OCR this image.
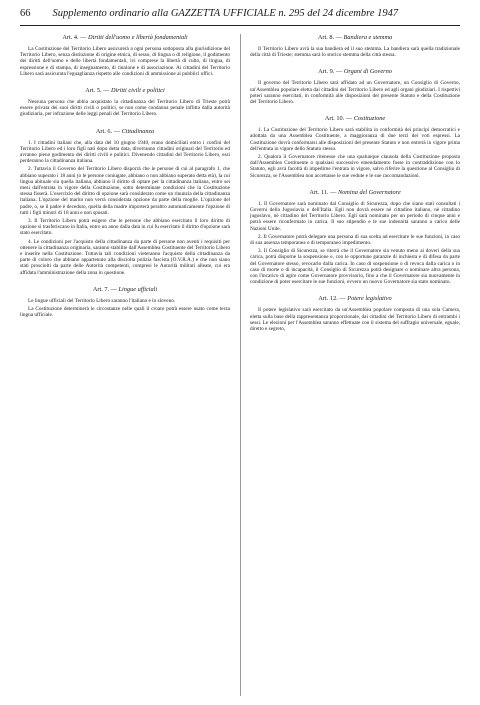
66 Supplemento ordinario alla GAZZETTA UFFICIALE n. 295 del 24 dicembre 1947
Art. 4. — Diritti dell'uomo e libertà fondamentali

La Costituzione del Territorio Libero assicurerà a ogni persona sottoposta alla giurisdizione del Territorio Libero, senza distinzione di origine etnica, di sesso, di lingua o di religione, il godimento dei diritti dell'uomo e delle libertà fondamentali, ivi comprese la libertà di culto, di lingua, di espressione e di stampa, di insegnamento, di riunione e di associazione. Ai cittadini del Territorio Libero sarà assicurata l'eguaglianza rispetto alle condizioni di ammissione ai pubblici uffici.

Art. 5. — Diritti civili e politici

Nessuna persona che abbia acquistato la cittadinanza del Territorio Libero di Trieste potrà essere privata dei suoi diritti civili o politici, se non come condanna penale inflitta dalla autorità giudiziaria, per infrazione delle leggi penali del Territorio Libero.

Art. 6. — Cittadinanza

1. I cittadini italiani che, alla data del 10 giugno 1940, erano domiciliati entro i confini del Territorio Libero ed i loro figli nati dopo detta data, diverranno cittadini originari del Territorio ed avranno pieno godimento dei diritti civili e politici. Divenendo cittadini del Territorio Libero, essi perderanno la cittadinanza italiana.

2. Tuttavia il Governo del Territorio Libero disporrà che le persone di cui al paragrafo 1, che abbiano superato i 18 anni (o le persone coniugate, abbiano o non abbiano superato detta età), la cui lingua abituale sia quella italiana, abbiano il diritto di optare per la cittadinanza italiana, entro sei mesi dall'entrata in vigore della Costituzione, sotto determinate condizioni che la Costituzione stessa fisserà. L'esercizio del diritto di opzione sarà considerato come un rinunzia della cittadinanza italiana. L'opzione del marito non verrà considerata opzione da parte della moglie. L'opzione del padre, o, se il padre è deceduto, quella della madre importerà peraltro automaticamente l'opzione di tutti i figli minori di 18 anni e non sposati.

3. Il Territorio Libero potrà esigere che le persone che abbiano esercitato il loro diritto di opzione si trasferiscano in Italia, entro un anno dalla data in cui fu esercitato il diritto d'opzione sarà stato esercitato.

4. Le condizioni per l'acquisto della cittadinanza da parte di persone non aventi i requisiti per ottenere la cittadinanza originaria, saranno stabilite dall'Assemblea Costituente del Territorio Libero e inserite nella Costituzione. Tuttavia tali condizioni vieteranno l'acquisto della cittadinanza da parte di coloro che abbiano appartenuto alla disciolta polizia fascista (O.V.R.A.) e che non siano stati prosciolti da parte delle Autorità competenti, compresi le Autorità militari alleate, cui era affidata l'amministrazione della zona in questione.

Art. 7. — Lingue ufficiali

Le lingue ufficiali del Territorio Libero saranno l'italiano e lo sloveno.

La Costituzione determinerà le circostanze nelle quali il croato potrà essere usato come terza lingua ufficiale.

Art. 8. — Bandiera e stemma

Il Territorio Libero avrà la sua bandiera ed il suo stemma. La bandiera sarà quella tradizionale della città di Trieste; stemma sarà lo storico stemma della città stessa.

Art. 9. — Organi di Governo

Il governo del Territorio Libero sarà affidato ad un Governatore, un Consiglio di Governo, un'Assemblea popolare eletta dai cittadini del Territorio Libero ed agli organi giudiziari. I rispettivi poteri saranno esercitati, in conformità alle disposizioni del presente Statuto e della Costituzione del Territorio Libero.

Art. 10. — Costituzione

1. La Costituzione del Territorio Libero sarà stabilita in conformità dei principi democratici e adottata da una Assemblea Costituente, a maggioranza di due terzi dei voti espressi. La Costituzione dovrà conformarsi alle disposizioni del presente Statuto e non entrerà in vigore prima dell'entrata in vigore dello Statuto stesso.

2. Qualora il Governatore ritenesse che una qualunque clausola della Costituzione proposta dall'Assemblea Costituente o qualsiasi successivo emendamento fosse in contraddizione con lo Statuto, egli avrà facoltà di impedirne l'entrata in vigore, salvo riferire la questione al Consiglio di Sicurezza, se l'Assemblea non accettasse le sue vedute e le sue raccomandazioni.

Art. 11. — Nomina del Governatore

1. Il Governatore sarà nominato dal Consiglio di Sicurezza, dopo che siano stati consultati i Governi della Jugoslavia e dell'Italia. Egli non dovrà essere nè cittadino italiano, nè cittadino jugoslavo, nè cittadino del Territorio Libero. Egli sarà nominato per un periodo di cinque anni e potrà essere riconfermato in carica. Il suo stipendio e le sue indennità saranno a carico delle Nazioni Unite.

2. Il Governatore potrà delegare una persona di sua scelta ad esercitare le sue funzioni, in caso di sua assenza temporanea o di temporaneo impedimento.

3. Il Consiglio di Sicurezza, se riterrà che il Governatore sia venuto meno ai doveri della sua carica, potrà disporne la sospensione e, con le opportune garanzie di inchiesta e di difesa da parte del Governatore stesso, revocarlo dalla carica. In caso di sospensione o di revoca dalla carica o in caso di morte o di incapacità, il Consiglio di Sicurezza potrà designare o nominare altra persona, con l'incarico di agire come Governatore provvisorio, fino a che il Governatore sia nuovamente in condizione di poter esercitare le sue funzioni, ovvero un nuovo Governatore sia stato nominato.

Art. 12. — Potere legislativo

Il potere legislativo sarà esercitato da un'Assemblea popolare composta di una sola Camera, eletta sulla base della rappresentanza proporzionale, dai cittadini del Territorio Libero di entrambi i sessi. Le elezioni per l'Assemblea saranno effettuate con il sistema del suffragio universale, eguale, diretto e segreto,
